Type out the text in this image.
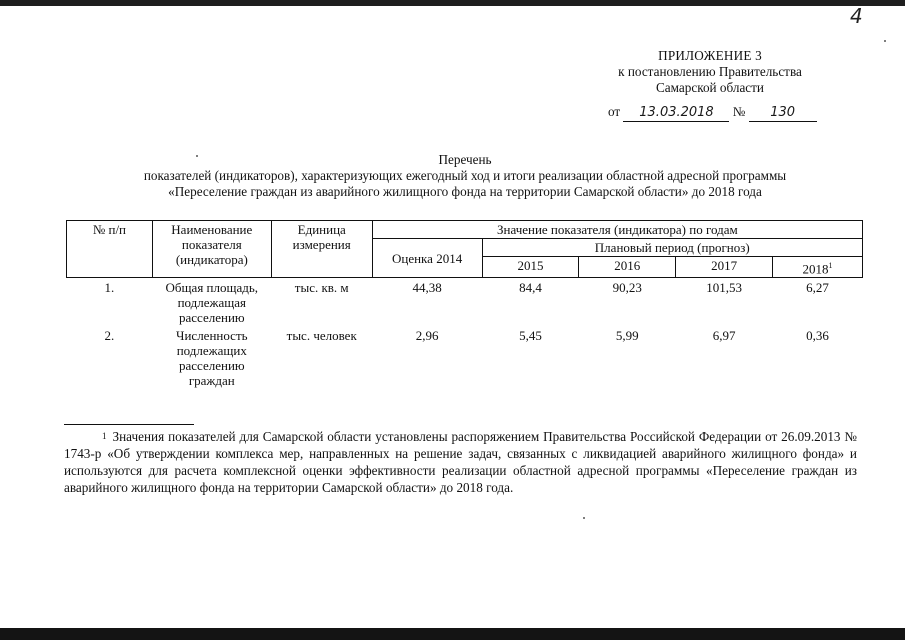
4
ПРИЛОЖЕНИЕ 3
к постановлению Правительства
Самарской области
от 13.03.2018 № 130
Перечень
показателей (индикаторов), характеризующих ежегодный ход и итоги реализации областной адресной программы
«Переселение граждан из аварийного жилищного фонда на территории Самарской области» до 2018 года
№ п/п	Наименование показателя (индикатора)	Единица измерения	Значение показателя (индикатора) по годам				
			Оценка 2014	Плановый период (прогноз)			
				2015	2016	2017	2018$^1$
1.	Общая площадь, подлежащая расселению	тыс. кв. м	44,38	84,4	90,23	101,53	6,27
2.	Численность подлежащих расселению граждан	тыс. человек	2,96	5,45	5,99	6,97	0,36
$^1$ Значения показателей для Самарской области установлены распоряжением Правительства Российской Федерации от 26.09.2013 № 1743-р «Об утверждении комплекса мер, направленных на решение задач, связанных с ликвидацией аварийного жилищного фонда» и используются для расчета комплексной оценки эффективности реализации областной адресной программы «Переселение граждан из аварийного жилищного фонда на территории Самарской области» до 2018 года.
